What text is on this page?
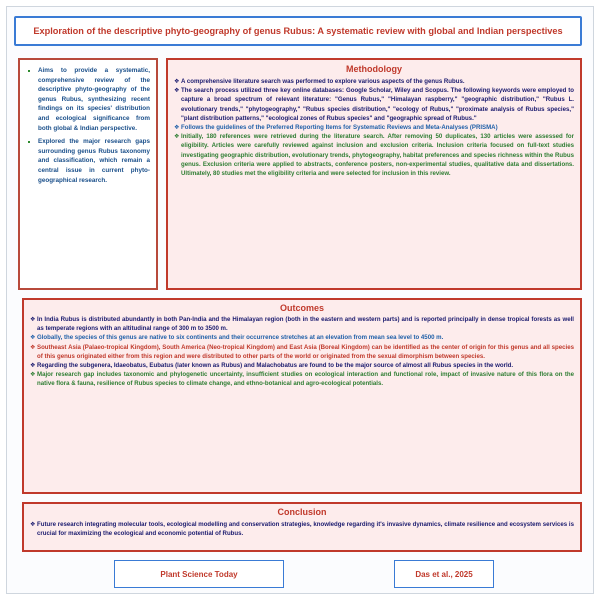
Exploration of the descriptive phyto-geography of genus Rubus: A systematic review with global and Indian perspectives
▪ Aims to provide a systematic, comprehensive review of the descriptive phyto-geography of the genus Rubus, synthesizing recent findings on its species' distribution and ecological significance from both global & Indian perspective.
▪ Explored the major research gaps surrounding genus Rubus taxonomy and classification, which remain a central issue in current phyto-geographical research.
Methodology
❖ A comprehensive literature search was performed to explore various aspects of the genus Rubus.
❖ The search process utilized three key online databases: Google Scholar, Wiley and Scopus. The following keywords were employed to capture a broad spectrum of relevant literature: "Genus Rubus," "Himalayan raspberry," "geographic distribution," "Rubus L. evolutionary trends," "phytogeography," "Rubus species distribution," "ecology of Rubus," "proximate analysis of Rubus species," "plant distribution patterns," "ecological zones of Rubus species" and "geographic spread of Rubus."
❖ Follows the guidelines of the Preferred Reporting Items for Systematic Reviews and Meta-Analyses (PRISMA)
❖ Initially, 180 references were retrieved during the literature search. After removing 50 duplicates, 130 articles were assessed for eligibility. Articles were carefully reviewed against inclusion and exclusion criteria. Inclusion criteria focused on full-text studies investigating geographic distribution, evolutionary trends, phytogeography, habitat preferences and species richness within the Rubus genus. Exclusion criteria were applied to abstracts, conference posters, non-experimental studies, qualitative data and dissertations. Ultimately, 80 studies met the eligibility criteria and were selected for inclusion in this review.
Outcomes
❖ In India Rubus is distributed abundantly in both Pan-India and the Himalayan region (both in the eastern and western parts) and is reported principally in dense tropical forests as well as temperate regions with an altitudinal range of 300 m to 3500 m.
❖ Globally, the species of this genus are native to six continents and their occurrence stretches at an elevation from mean sea level to 4500 m.
❖ Southeast Asia (Palaeo-tropical Kingdom), South America (Neo-tropical Kingdom) and East Asia (Boreal Kingdom) can be identified as the center of origin for this genus and all species of this genus originated either from this region and were distributed to other parts of the world or originated from the sexual dimorphism between species.
❖ Regarding the subgenera, Idaeobatus, Eubatus (later known as Rubus) and Malachobatus are found to be the major source of almost all Rubus species in the world.
❖ Major research gap includes taxonomic and phylogenetic uncertainty, insufficient studies on ecological interaction and functional role, impact of invasive nature of this flora on the native flora & fauna, resilience of Rubus species to climate change, and ethno-botanical and agro-ecological potentials.
Conclusion
❖ Future research integrating molecular tools, ecological modelling and conservation strategies, knowledge regarding it's invasive dynamics, climate resilience and ecosystem services is crucial for maximizing the ecological and economic potential of Rubus.
Plant Science Today	Das et al., 2025
